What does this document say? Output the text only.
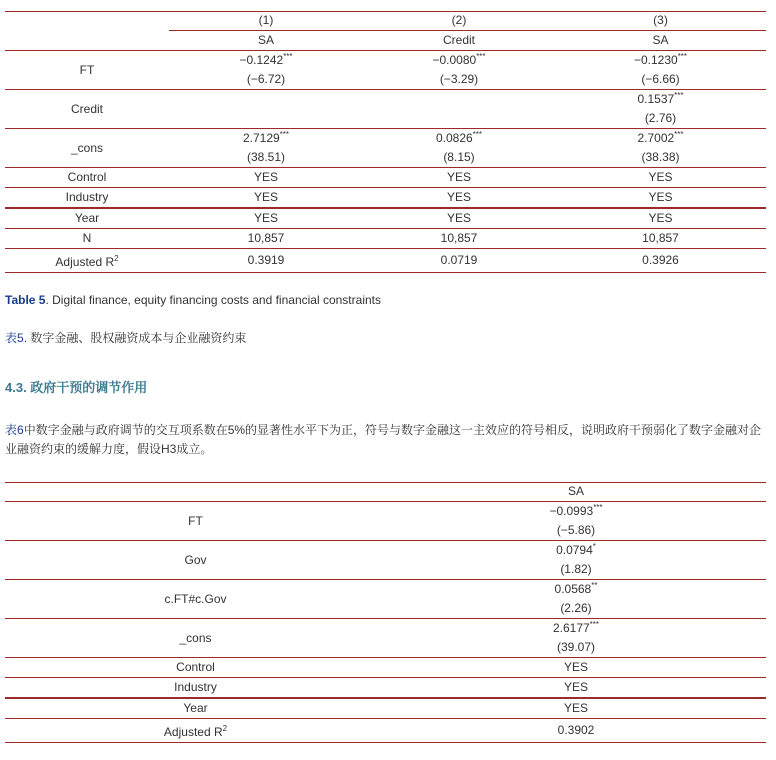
	(1)	(2)	(3)
	SA	Credit	SA
FT	−0.1242***	−0.0080***	−0.1230***
	(−6.72)	(−3.29)	(−6.66)
Credit			0.1537***
			(2.76)
_cons	2.7129***	0.0826***	2.7002***
	(38.51)	(8.15)	(38.38)
Control	YES	YES	YES
Industry	YES	YES	YES
Year	YES	YES	YES
N	10,857	10,857	10,857
Adjusted $R^2$	0.3919	0.0719	0.3926
Table 5. Digital finance, equity financing costs and financial constraints
表5. 数字金融、股权融资成本与企业融资约束
4.3. 政府干预的调节作用
表6中数字金融与政府调节的交互项系数在5%的显著性水平下为正，符号与数字金融这一主效应的符号相反，说明政府干预弱化了数字金融对企业融资约束的缓解力度，假设H3成立。
	SA
FT	−0.0993***
	(−5.86)
Gov	0.0794*
	(1.82)
c.FT#c.Gov	0.0568**
	(2.26)
_cons	2.6177***
	(39.07)
Control	YES
Industry	YES
Year	YES
Adjusted $R^2$	0.3902
